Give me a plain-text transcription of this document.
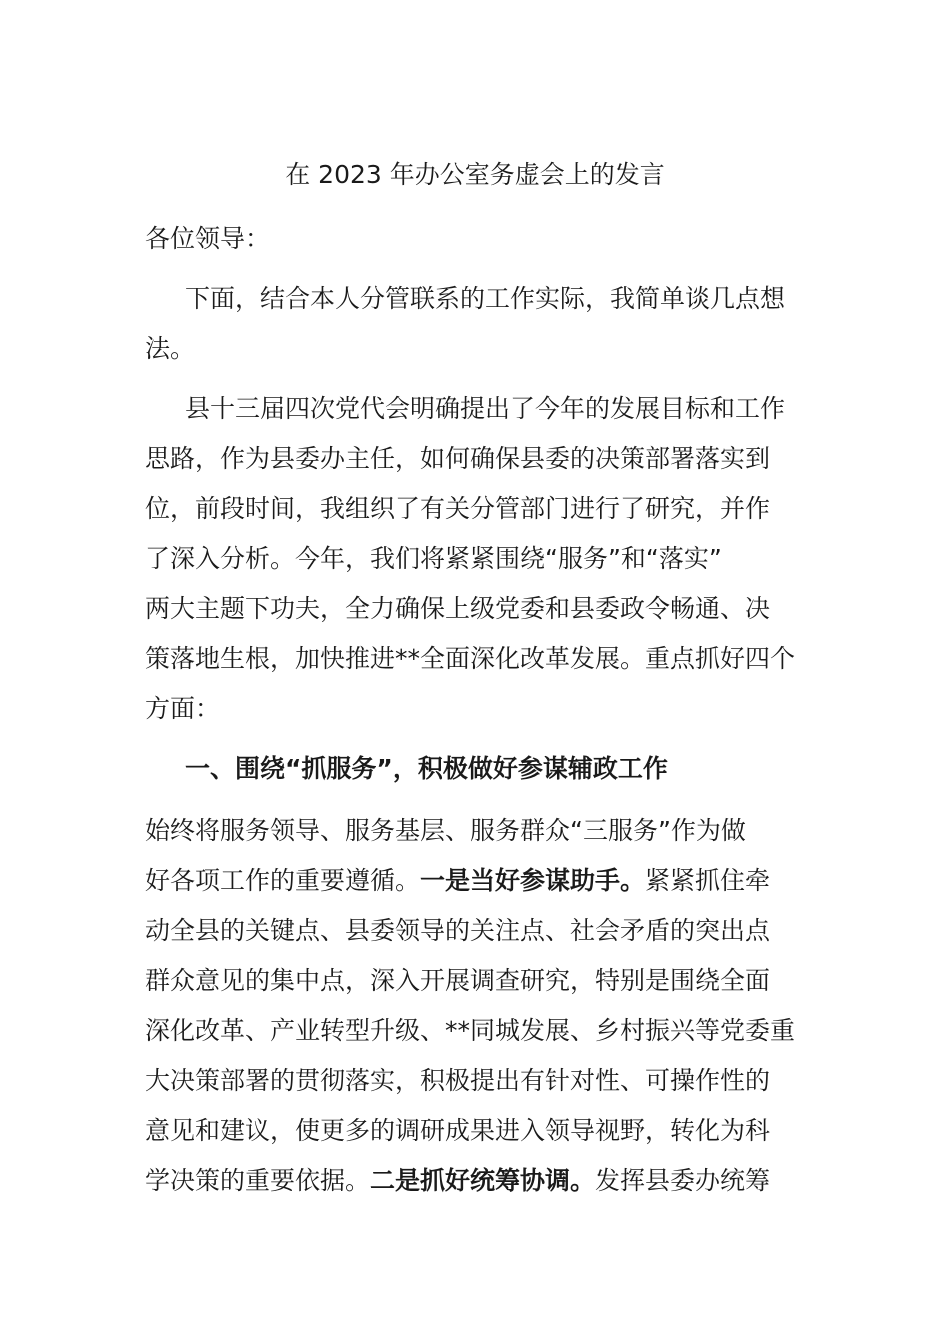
在 2023 年办公室务虚会上的发言
各位领导：
下面，结合本人分管联系的工作实际，我简单谈几点想
法。
县十三届四次党代会明确提出了今年的发展目标和工作
思路，作为县委办主任，如何确保县委的决策部署落实到
位，前段时间，我组织了有关分管部门进行了研究，并作
了深入分析。今年，我们将紧紧围绕“服务”和“落实”
两大主题下功夫，全力确保上级党委和县委政令畅通、决
策落地生根，加快推进**全面深化改革发展。重点抓好四个
方面：
一、围绕“抓服务”，积极做好参谋辅政工作
始终将服务领导、服务基层、服务群众“三服务”作为做
好各项工作的重要遵循。一是当好参谋助手。紧紧抓住牵
动全县的关键点、县委领导的关注点、社会矛盾的突出点
群众意见的集中点，深入开展调查研究，特别是围绕全面
深化改革、产业转型升级、**同城发展、乡村振兴等党委重
大决策部署的贯彻落实，积极提出有针对性、可操作性的
意见和建议，使更多的调研成果进入领导视野，转化为科
学决策的重要依据。二是抓好统筹协调。发挥县委办统筹
